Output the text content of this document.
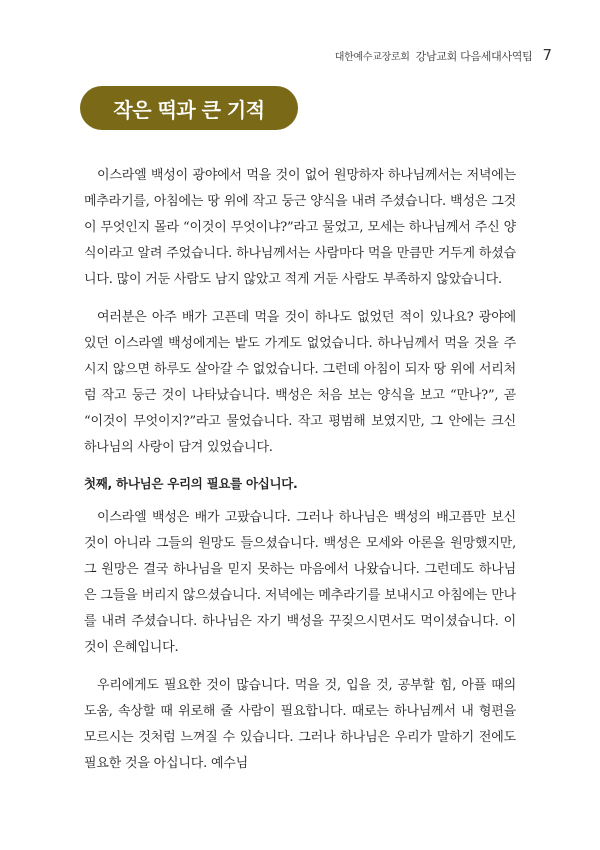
대한예수교장로회 강남교회 다음세대사역팀 7
작은 떡과 큰 기적

이스라엘 백성이 광야에서 먹을 것이 없어 원망하자 하나님께서는 저녁에는 메추라기를, 아침에는 땅 위에 작고 둥근 양식을 내려 주셨습니다. 백성은 그것이 무엇인지 몰라 “이것이 무엇이냐?”라고 물었고, 모세는 하나님께서 주신 양식이라고 알려 주었습니다. 하나님께서는 사람마다 먹을 만큼만 거두게 하셨습니다. 많이 거둔 사람도 남지 않았고 적게 거둔 사람도 부족하지 않았습니다.

여러분은 아주 배가 고픈데 먹을 것이 하나도 없었던 적이 있나요? 광야에 있던 이스라엘 백성에게는 밭도 가게도 없었습니다. 하나님께서 먹을 것을 주시지 않으면 하루도 살아갈 수 없었습니다. 그런데 아침이 되자 땅 위에 서리처럼 작고 둥근 것이 나타났습니다. 백성은 처음 보는 양식을 보고 “만나?”, 곧 “이것이 무엇이지?”라고 물었습니다. 작고 평범해 보였지만, 그 안에는 크신 하나님의 사랑이 담겨 있었습니다.

첫째, 하나님은 우리의 필요를 아십니다.

이스라엘 백성은 배가 고팠습니다. 그러나 하나님은 백성의 배고픔만 보신 것이 아니라 그들의 원망도 들으셨습니다. 백성은 모세와 아론을 원망했지만, 그 원망은 결국 하나님을 믿지 못하는 마음에서 나왔습니다. 그런데도 하나님은 그들을 버리지 않으셨습니다. 저녁에는 메추라기를 보내시고 아침에는 만나를 내려 주셨습니다. 하나님은 자기 백성을 꾸짖으시면서도 먹이셨습니다. 이것이 은혜입니다.

우리에게도 필요한 것이 많습니다. 먹을 것, 입을 것, 공부할 힘, 아플 때의 도움, 속상할 때 위로해 줄 사람이 필요합니다. 때로는 하나님께서 내 형편을 모르시는 것처럼 느껴질 수 있습니다. 그러나 하나님은 우리가 말하기 전에도 필요한 것을 아십니다. 예수님
